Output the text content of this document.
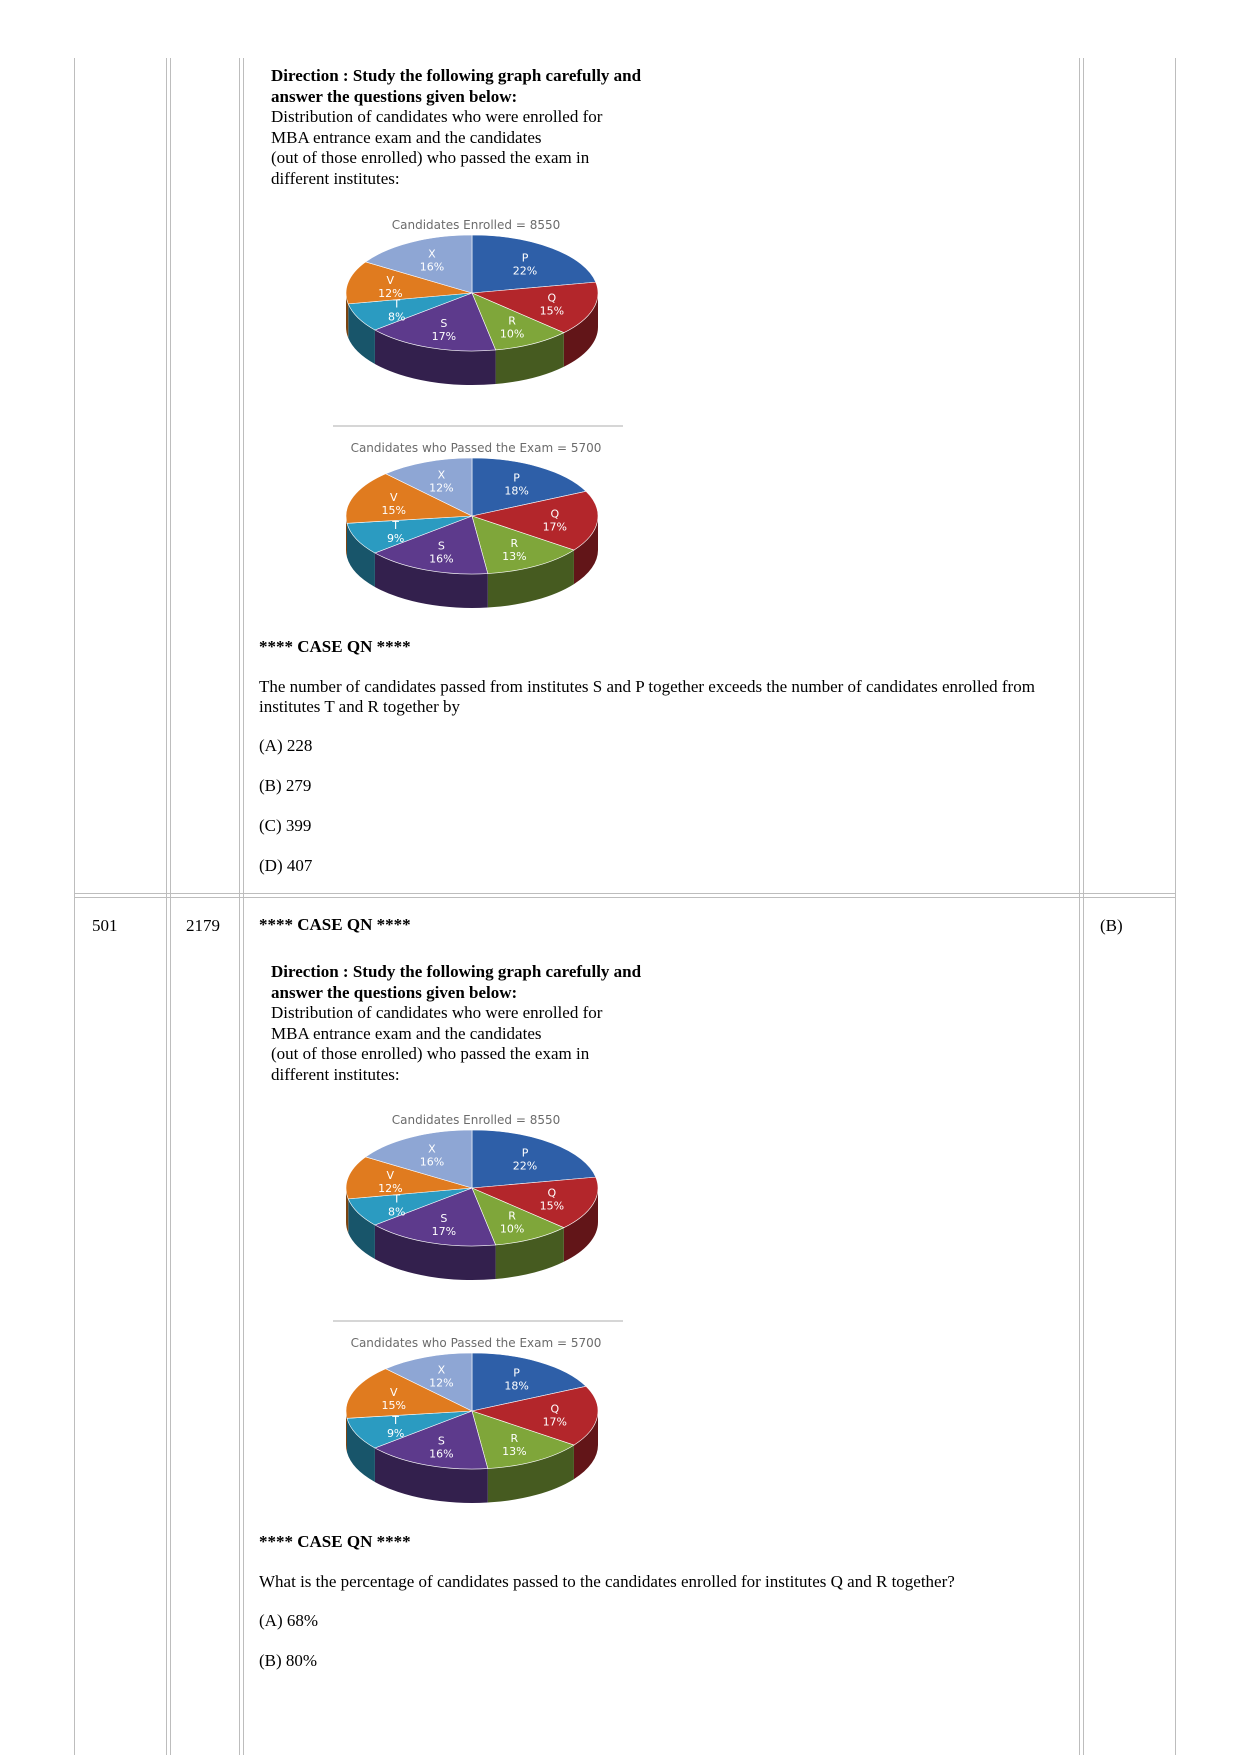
Direction : Study the following graph carefully and answer the questions given below:
Distribution of candidates who were enrolled for
MBA entrance exam and the candidates
(out of those enrolled) who passed the exam in
different institutes:
Candidates Enrolled = 8550
P
22%
Q
15%
R
10%
S
17%
T
8%
V
12%
X
16%
Candidates who Passed the Exam = 5700
P
18%
Q
17%
R
13%
S
16%
T
9%
V
15%
X
12%
**** CASE QN ****
The number of candidates passed from institutes S and P together exceeds the number of candidates enrolled from institutes T and R together by
(A) 228
(B) 279
(C) 399
(D) 407
501	2179	(B)
**** CASE QN ****
Direction : Study the following graph carefully and answer the questions given below:
Distribution of candidates who were enrolled for
MBA entrance exam and the candidates
(out of those enrolled) who passed the exam in
different institutes:
Candidates Enrolled = 8550
P
22%
Q
15%
R
10%
S
17%
T
8%
V
12%
X
16%
Candidates who Passed the Exam = 5700
P
18%
Q
17%
R
13%
S
16%
T
9%
V
15%
X
12%
**** CASE QN ****
What is the percentage of candidates passed to the candidates enrolled for institutes Q and R together?
(A) 68%
(B) 80%
